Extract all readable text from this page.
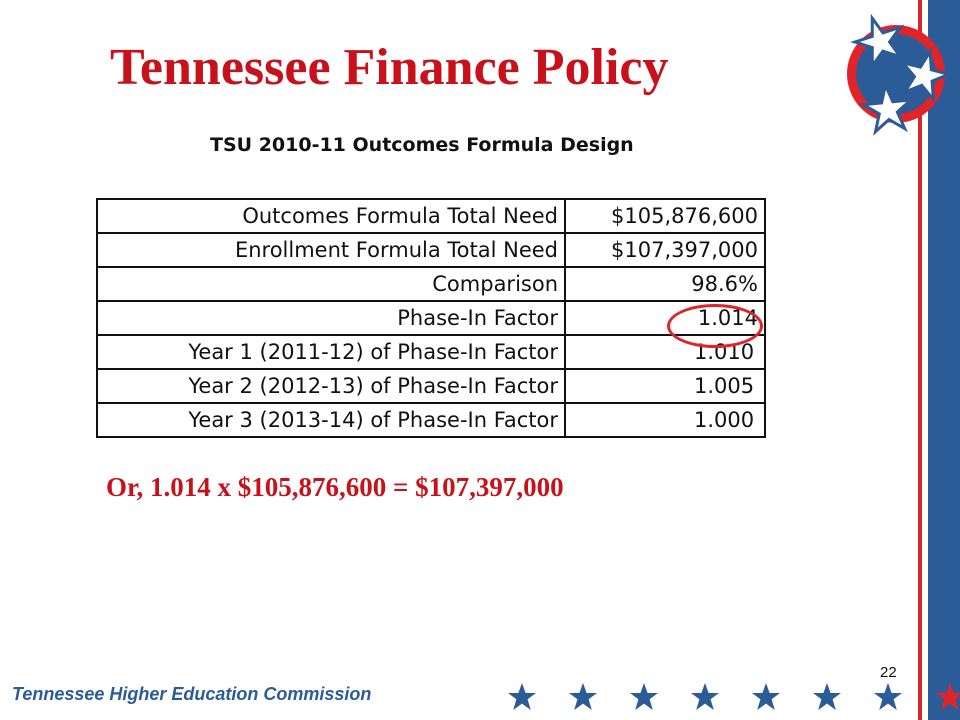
Tennessee Finance Policy
TSU 2010-11 Outcomes Formula Design
Outcomes Formula Total Need	$105,876,600
Enrollment Formula Total Need	$107,397,000
Comparison	98.6%
Phase-In Factor	1.014
Year 1 (2011-12) of Phase-In Factor	1.010
Year 2 (2012-13) of Phase-In Factor	1.005
Year 3 (2013-14) of Phase-In Factor	1.000
Or, 1.014 x $105,876,600 = $107,397,000
22
Tennessee Higher Education Commission
